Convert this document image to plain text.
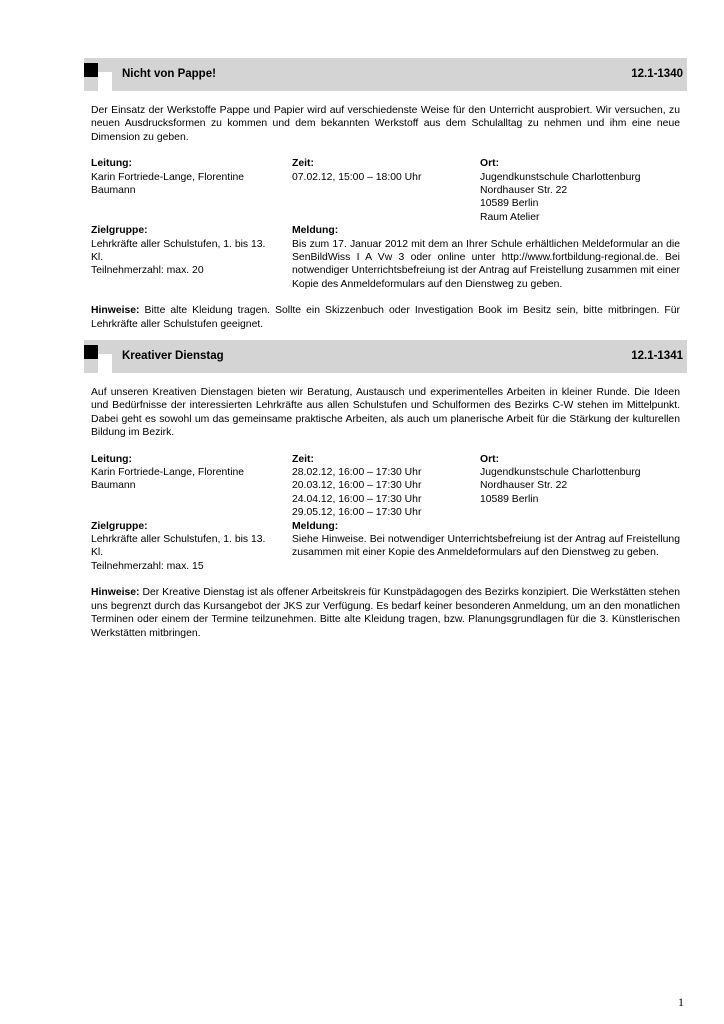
Nicht von Pappe!	12.1-1340
Der Einsatz der Werkstoffe Pappe und Papier wird auf verschiedenste Weise für den Unterricht ausprobiert. Wir versuchen, zu neuen Ausdrucksformen zu kommen und dem bekannten Werkstoff aus dem Schulalltag zu nehmen und ihm eine neue Dimension zu geben.
Leitung:
Karin Fortriede-Lange, Florentine
Baumann
Zeit:
07.02.12, 15:00 – 18:00 Uhr
Ort:
Jugendkunstschule Charlottenburg
Nordhauser Str. 22
10589 Berlin
Raum Atelier
Zielgruppe:
Lehrkräfte aller Schulstufen, 1. bis 13.
Kl.
Teilnehmerzahl: max. 20
Meldung:
Bis zum 17. Januar 2012 mit dem an Ihrer Schule erhältlichen Meldeformular an die SenBildWiss I A Vw 3 oder online unter http://www.fortbildung-regional.de. Bei notwendiger Unterrichtsbefreiung ist der Antrag auf Freistellung zusammen mit einer Kopie des Anmeldeformulars auf den Dienstweg zu geben.
Hinweise: Bitte alte Kleidung tragen. Sollte ein Skizzenbuch oder Investigation Book im Besitz sein, bitte mitbringen. Für Lehrkräfte aller Schulstufen geeignet.
Kreativer Dienstag	12.1-1341
Auf unseren Kreativen Dienstagen bieten wir Beratung, Austausch und experimentelles Arbeiten in kleiner Runde. Die Ideen und Bedürfnisse der interessierten Lehrkräfte aus allen Schulstufen und Schulformen des Bezirks C-W stehen im Mittelpunkt. Dabei geht es sowohl um das gemeinsame praktische Arbeiten, als auch um planerische Arbeit für die Stärkung der kulturellen Bildung im Bezirk.
Leitung:
Karin Fortriede-Lange, Florentine
Baumann
Zeit:
28.02.12, 16:00 – 17:30 Uhr
20.03.12, 16:00 – 17:30 Uhr
24.04.12, 16:00 – 17:30 Uhr
29.05.12, 16:00 – 17:30 Uhr
Ort:
Jugendkunstschule Charlottenburg
Nordhauser Str. 22
10589 Berlin
Zielgruppe:
Lehrkräfte aller Schulstufen, 1. bis 13.
Kl.
Teilnehmerzahl: max. 15
Meldung:
Siehe Hinweise. Bei notwendiger Unterrichtsbefreiung ist der Antrag auf Freistellung zusammen mit einer Kopie des Anmeldeformulars auf den Dienstweg zu geben.
Hinweise: Der Kreative Dienstag ist als offener Arbeitskreis für Kunstpädagogen des Bezirks konzipiert. Die Werkstätten stehen uns begrenzt durch das Kursangebot der JKS zur Verfügung. Es bedarf keiner besonderen Anmeldung, um an den monatlichen Terminen oder einem der Termine teilzunehmen. Bitte alte Kleidung tragen, bzw. Planungsgrundlagen für die 3. Künstlerischen Werkstätten mitbringen.
1
